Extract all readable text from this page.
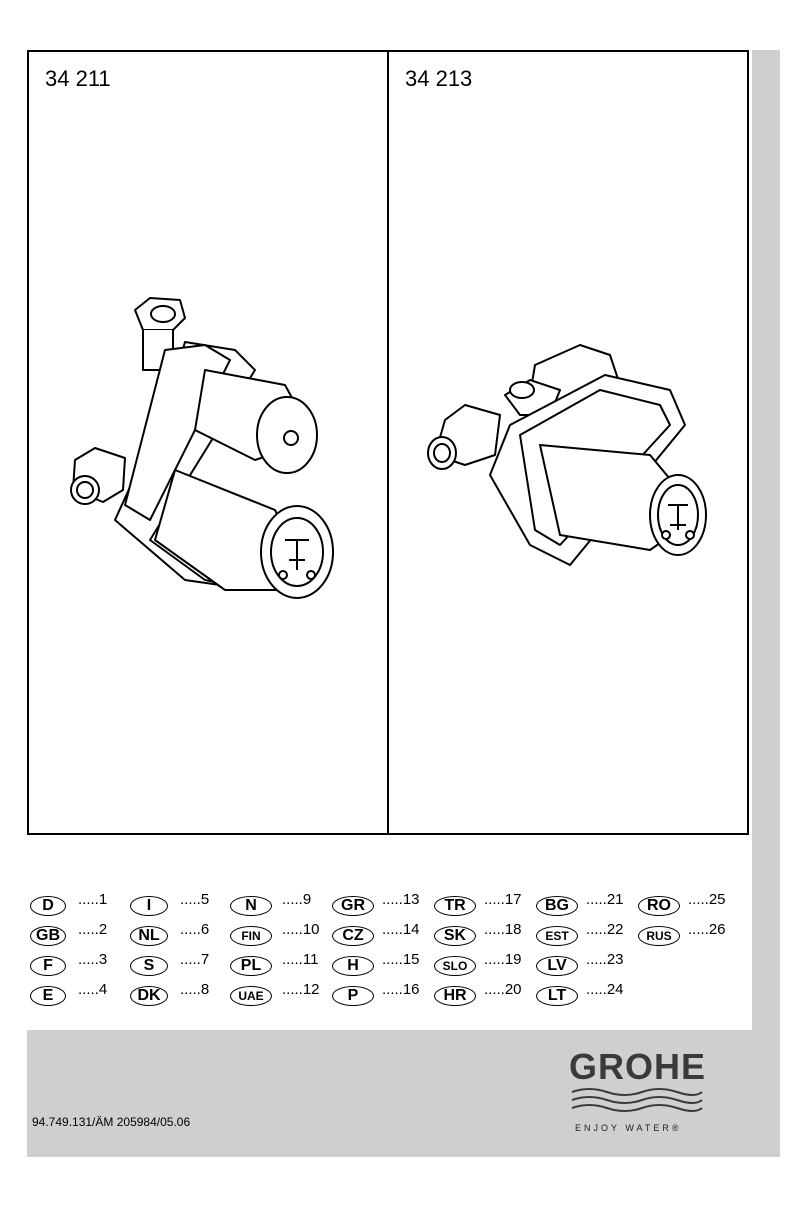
34 211	34 213
D	.....1	I	.....5	N	.....9	GR	.....13	TR	.....17	BG	.....21	RO	.....25
GB	.....2	NL	.....6	FIN	.....10	CZ	.....14	SK	.....18	EST	.....22	RUS	.....26
F	.....3	S	.....7	PL	.....11	H	.....15	SLO	.....19	LV	.....23
E	.....4	DK	.....8	UAE	.....12	P	.....16	HR	.....20	LT	.....24
94.749.131/ÄM 205984/05.06
GROHE
ENJOY WATER®
